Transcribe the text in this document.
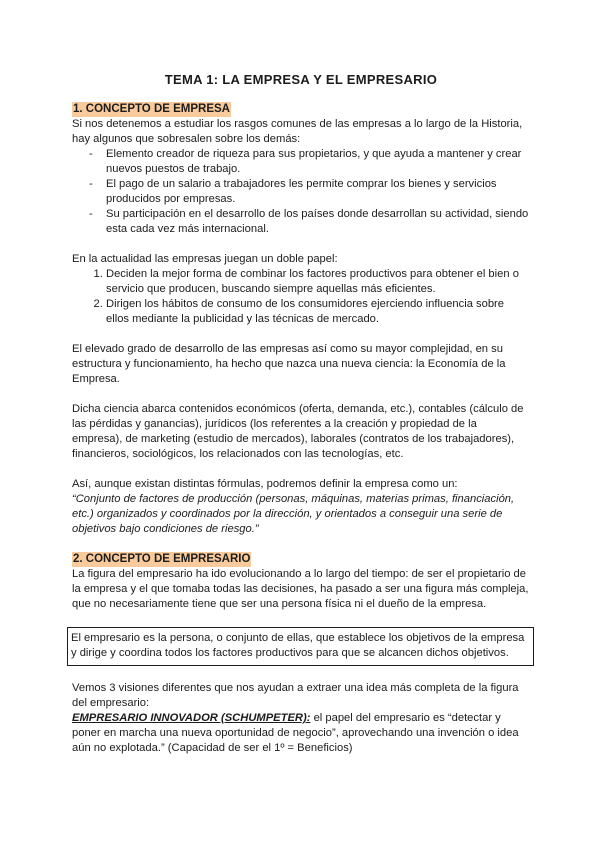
TEMA 1: LA EMPRESA Y EL EMPRESARIO
1. CONCEPTO DE EMPRESA

Si nos detenemos a estudiar los rasgos comunes de las empresas a lo largo de la Historia, hay algunos que sobresalen sobre los demás:

- Elemento creador de riqueza para sus propietarios, y que ayuda a mantener y crear nuevos puestos de trabajo.
- El pago de un salario a trabajadores les permite comprar los bienes y servicios producidos por empresas.
- Su participación en el desarrollo de los países donde desarrollan su actividad, siendo esta cada vez más internacional.

En la actualidad las empresas juegan un doble papel:

1. Deciden la mejor forma de combinar los factores productivos para obtener el bien o servicio que producen, buscando siempre aquellas más eficientes.
2. Dirigen los hábitos de consumo de los consumidores ejerciendo influencia sobre ellos mediante la publicidad y las técnicas de mercado.

El elevado grado de desarrollo de las empresas así como su mayor complejidad, en su estructura y funcionamiento, ha hecho que nazca una nueva ciencia: la Economía de la Empresa.

Dicha ciencia abarca contenidos económicos (oferta, demanda, etc.), contables (cálculo de las pérdidas y ganancias), jurídicos (los referentes a la creación y propiedad de la empresa), de marketing (estudio de mercados), laborales (contratos de los trabajadores), financieros, sociológicos, los relacionados con las tecnologías, etc.

Así, aunque existan distintas fórmulas, podremos definir la empresa como un:

“Conjunto de factores de producción (personas, máquinas, materias primas, financiación, etc.) organizados y coordinados por la dirección, y orientados a conseguir una serie de objetivos bajo condiciones de riesgo.”

2. CONCEPTO DE EMPRESARIO

La figura del empresario ha ido evolucionando a lo largo del tiempo: de ser el propietario de la empresa y el que tomaba todas las decisiones, ha pasado a ser una figura más compleja, que no necesariamente tiene que ser una persona física ni el dueño de la empresa.

El empresario es la persona, o conjunto de ellas, que establece los objetivos de la empresa y dirige y coordina todos los factores productivos para que se alcancen dichos objetivos.

Vemos 3 visiones diferentes que nos ayudan a extraer una idea más completa de la figura del empresario:

EMPRESARIO INNOVADOR (SCHUMPETER): el papel del empresario es “detectar y poner en marcha una nueva oportunidad de negocio”, aprovechando una invención o idea aún no explotada.” (Capacidad de ser el 1º = Beneficios)
